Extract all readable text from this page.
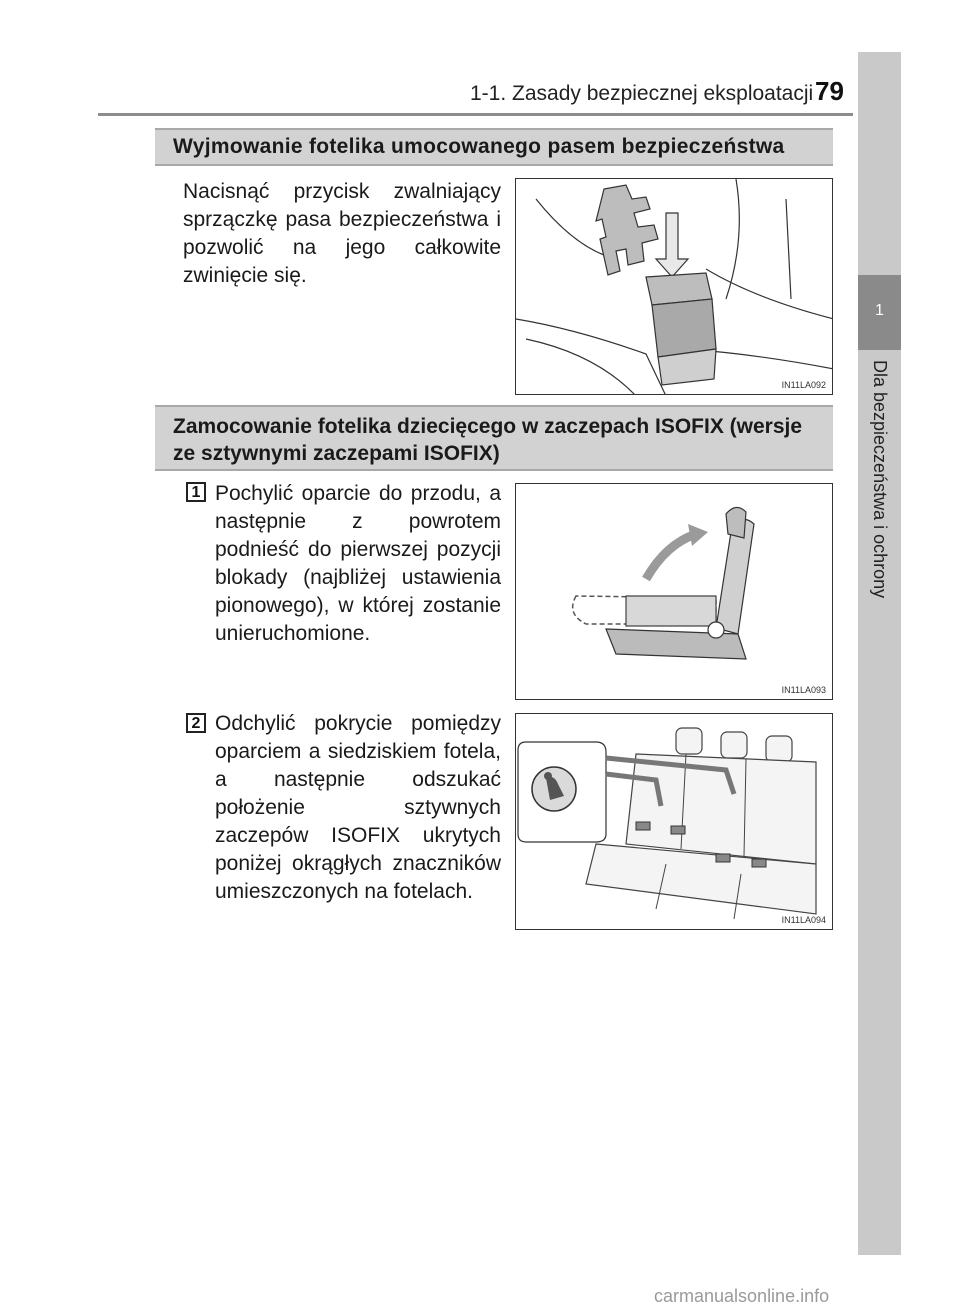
1-1. Zasady bezpiecznej eksploatacji 79
1
Dla bezpieczeństwa i ochrony
Wyjmowanie fotelika umocowanego pasem bezpieczeństwa
Nacisnąć przycisk zwalniający sprzączkę pasa bezpieczeństwa i pozwolić na jego całkowite zwinięcie się.
IN11LA092
Zamocowanie fotelika dziecięcego w zaczepach ISOFIX (wersje
ze sztywnymi zaczepami ISOFIX)
1 Pochylić oparcie do przodu, a następnie z powrotem podnieść do pierwszej pozycji blokady (najbliżej ustawienia pionowego), w której zostanie unieruchomione.
IN11LA093
2 Odchylić pokrycie pomiędzy oparciem a siedziskiem fotela, a następnie odszukać położenie sztywnych zaczepów ISOFIX ukrytych poniżej okrągłych znaczników umieszczonych na fotelach.
IN11LA094
carmanualsonline.info
